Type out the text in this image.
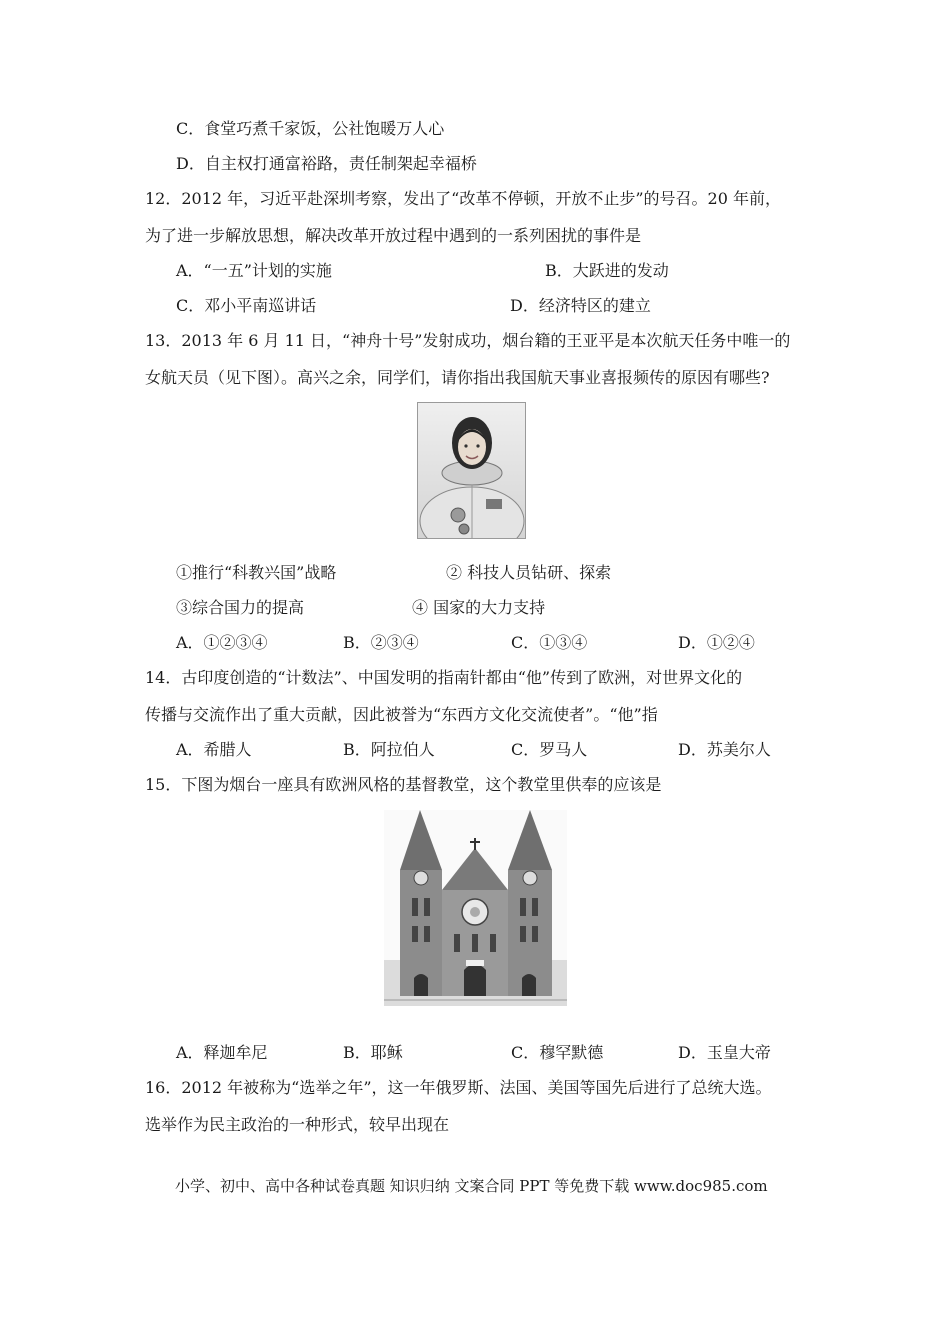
C．食堂巧煮千家饭，公社饱暖万人心
D．自主权打通富裕路，责任制架起幸福桥
12．2012 年，习近平赴深圳考察，发出了“改革不停顿，开放不止步”的号召。20 年前，
为了进一步解放思想，解决改革开放过程中遇到的一系列困扰的事件是
A．“一五”计划的实施	B．大跃进的发动
C．邓小平南巡讲话	D．经济特区的建立
13．2013 年 6 月 11 日，“神舟十号”发射成功，烟台籍的王亚平是本次航天任务中唯一的
女航天员（见下图）。高兴之余，同学们，请你指出我国航天事业喜报频传的原因有哪些?
①推行“科教兴国”战略	② 科技人员钻研、探索
③综合国力的提高	④ 国家的大力支持
A．①②③④	B．②③④	C．①③④	D．①②④
14．古印度创造的“计数法”、中国发明的指南针都由“他”传到了欧洲，对世界文化的
传播与交流作出了重大贡献，因此被誉为“东西方文化交流使者”。“他”指
A．希腊人	B．阿拉伯人	C．罗马人	D．苏美尔人
15．下图为烟台一座具有欧洲风格的基督教堂，这个教堂里供奉的应该是
A．释迦牟尼	B．耶稣	C．穆罕默德	D．玉皇大帝
16．2012 年被称为“选举之年”，这一年俄罗斯、法国、美国等国先后进行了总统大选。
选举作为民主政治的一种形式，较早出现在
小学、初中、高中各种试卷真题 知识归纳 文案合同 PPT 等免费下载 www.doc985.com
